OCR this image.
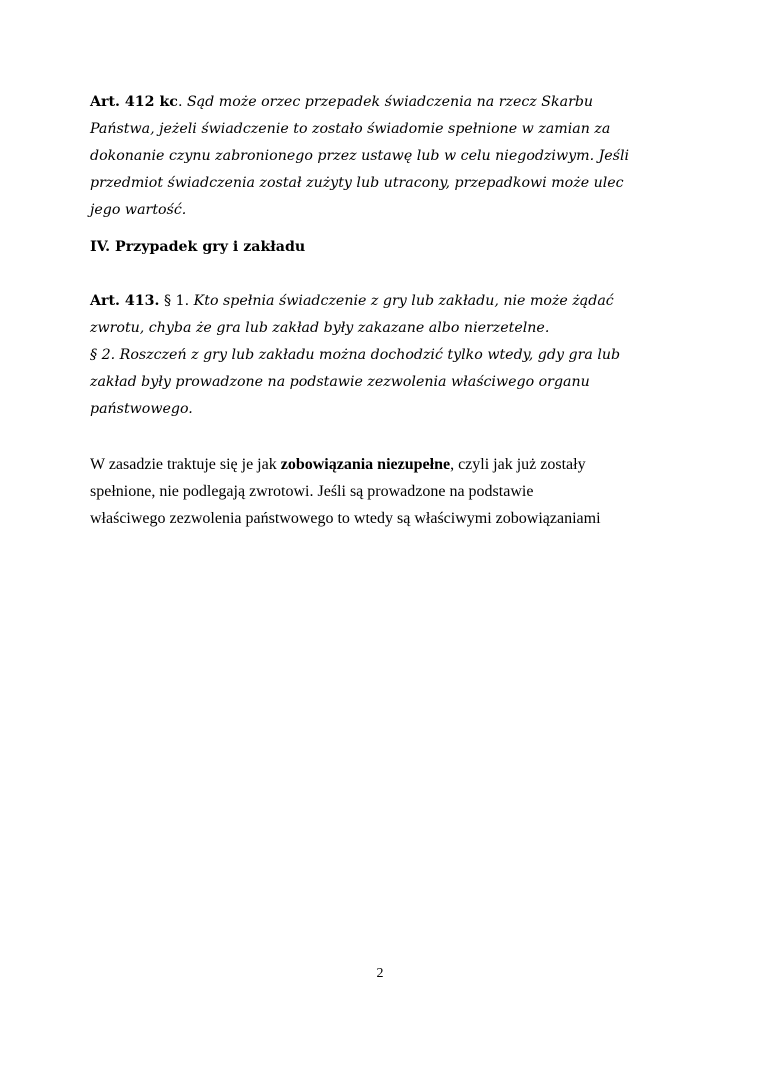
Art. 412 kc. Sąd może orzec przepadek świadczenia na rzecz Skarbu
Państwa, jeżeli świadczenie to zostało świadomie spełnione w zamian za
dokonanie czynu zabronionego przez ustawę lub w celu niegodziwym. Jeśli
przedmiot świadczenia został zużyty lub utracony, przepadkowi może ulec
jego wartość.
IV. Przypadek gry i zakładu
Art. 413. § 1. Kto spełnia świadczenie z gry lub zakładu, nie może żądać
zwrotu, chyba że gra lub zakład były zakazane albo nierzetelne.
§ 2. Roszczeń z gry lub zakładu można dochodzić tylko wtedy, gdy gra lub
zakład były prowadzone na podstawie zezwolenia właściwego organu
państwowego.
W zasadzie traktuje się je jak zobowiązania niezupełne, czyli jak już zostały
spełnione, nie podlegają zwrotowi. Jeśli są prowadzone na podstawie
właściwego zezwolenia państwowego to wtedy są właściwymi zobowiązaniami
2
